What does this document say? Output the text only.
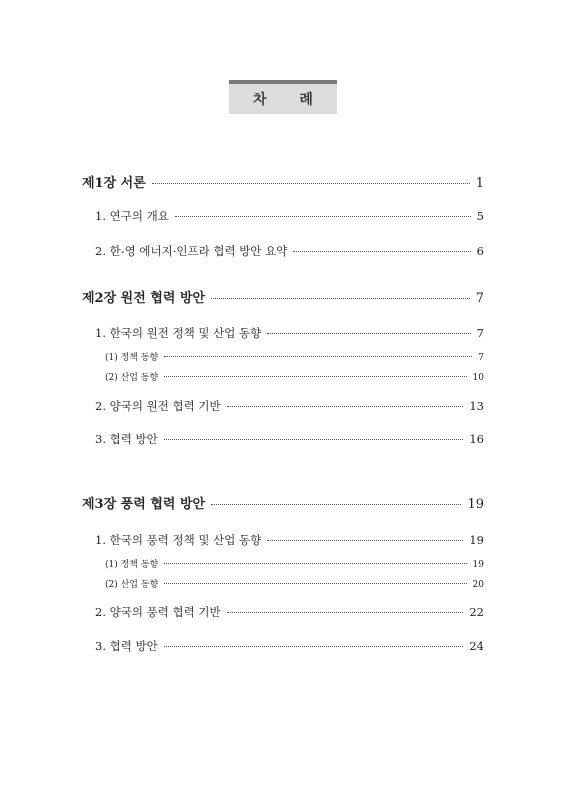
차 례
제1장 서론	1
1. 연구의 개요	5
2. 한-영 에너지·인프라 협력 방안 요약	6
제2장 원전 협력 방안	7
1. 한국의 원전 정책 및 산업 동향	7
(1) 정책 동향	7
(2) 산업 동향	10
2. 양국의 원전 협력 기반	13
3. 협력 방안	16
제3장 풍력 협력 방안	19
1. 한국의 풍력 정책 및 산업 동향	19
(1) 정책 동향	19
(2) 산업 동향	20
2. 양국의 풍력 협력 기반	22
3. 협력 방안	24
